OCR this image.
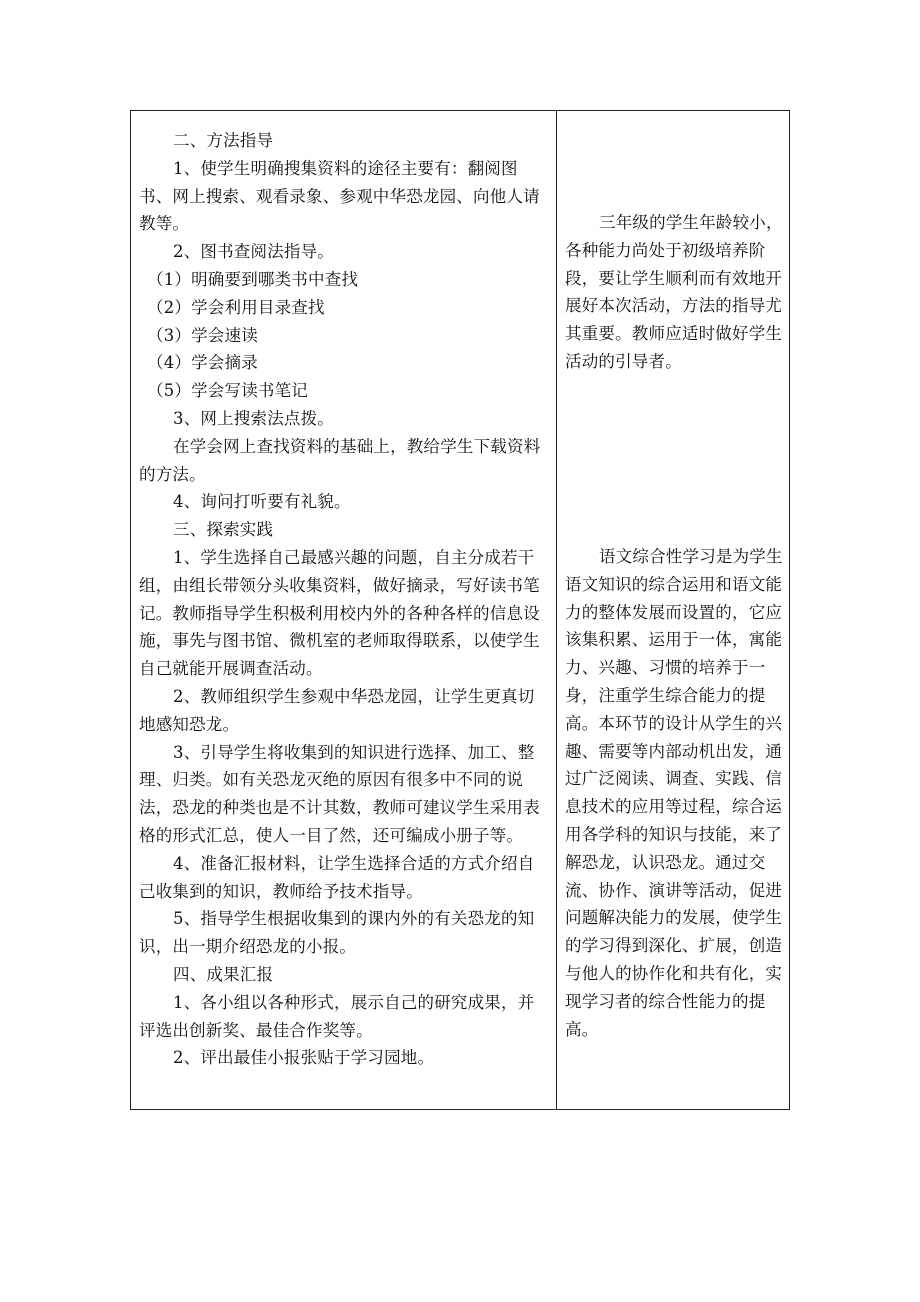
二、方法指导

1、使学生明确搜集资料的途径主要有：翻阅图书、网上搜索、观看录象、参观中华恐龙园、向他人请教等。

2、图书查阅法指导。

（1）明确要到哪类书中查找

（2）学会利用目录查找

（3）学会速读

（4）学会摘录

（5）学会写读书笔记

3、网上搜索法点拨。

在学会网上查找资料的基础上，教给学生下载资料的方法。

4、询问打听要有礼貌。

三、探索实践

1、学生选择自己最感兴趣的问题，自主分成若干组，由组长带领分头收集资料，做好摘录，写好读书笔记。教师指导学生积极利用校内外的各种各样的信息设施，事先与图书馆、微机室的老师取得联系，以使学生自己就能开展调查活动。

2、教师组织学生参观中华恐龙园，让学生更真切地感知恐龙。

3、引导学生将收集到的知识进行选择、加工、整理、归类。如有关恐龙灭绝的原因有很多中不同的说法，恐龙的种类也是不计其数，教师可建议学生采用表格的形式汇总，使人一目了然，还可编成小册子等。

4、准备汇报材料，让学生选择合适的方式介绍自己收集到的知识，教师给予技术指导。

5、指导学生根据收集到的课内外的有关恐龙的知识，出一期介绍恐龙的小报。

四、成果汇报

1、各小组以各种形式，展示自己的研究成果，并评选出创新奖、最佳合作奖等。

2、评出最佳小报张贴于学习园地。

三年级的学生年龄较小，各种能力尚处于初级培养阶段，要让学生顺利而有效地开展好本次活动，方法的指导尤其重要。教师应适时做好学生活动的引导者。

语文综合性学习是为学生语文知识的综合运用和语文能力的整体发展而设置的，它应该集积累、运用于一体，寓能力、兴趣、习惯的培养于一身，注重学生综合能力的提高。本环节的设计从学生的兴趣、需要等内部动机出发，通过广泛阅读、调查、实践、信息技术的应用等过程，综合运用各学科的知识与技能，来了解恐龙，认识恐龙。通过交流、协作、演讲等活动，促进问题解决能力的发展，使学生的学习得到深化、扩展，创造与他人的协作化和共有化，实现学习者的综合性能力的提高。
